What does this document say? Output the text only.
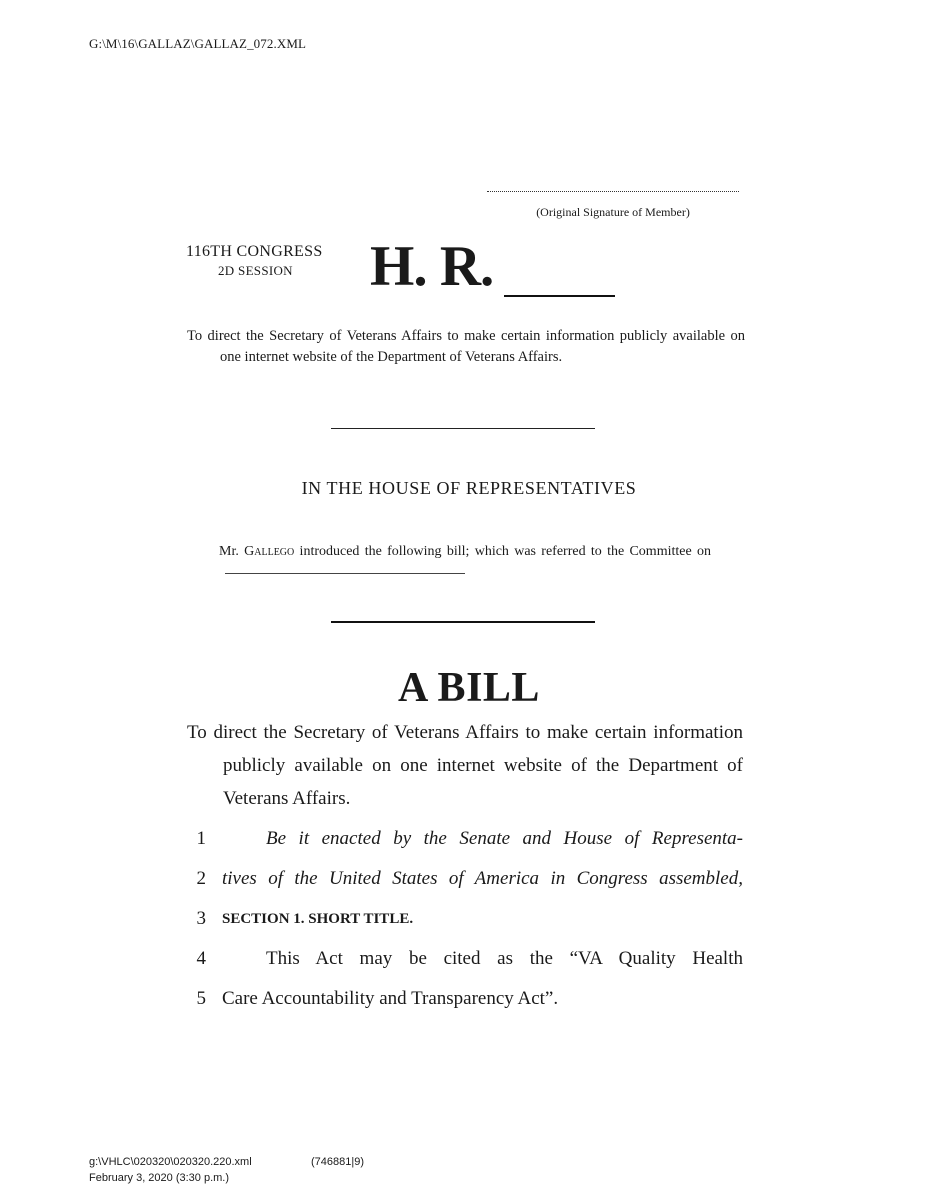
G:\M\16\GALLAZ\GALLAZ_072.XML
(Original Signature of Member)
116TH CONGRESS
2D SESSION H. R.

To direct the Secretary of Veterans Affairs to make certain information publicly available on one internet website of the Department of Veterans Affairs.

IN THE HOUSE OF REPRESENTATIVES
Mr. Gallego introduced the following bill; which was referred to the Committee on
A BILL

To direct the Secretary of Veterans Affairs to make certain information publicly available on one internet website of the Department of Veterans Affairs.

1	Be it enacted by the Senate and House of Representa-
2 tives of the United States of America in Congress assembled,
3 SECTION 1. SHORT TITLE.
4	This Act may be cited as the “VA Quality Health
5 Care Accountability and Transparency Act”.
g:\VHLC\020320\020320.220.xml	(746881|9)
February 3, 2020 (3:30 p.m.)
